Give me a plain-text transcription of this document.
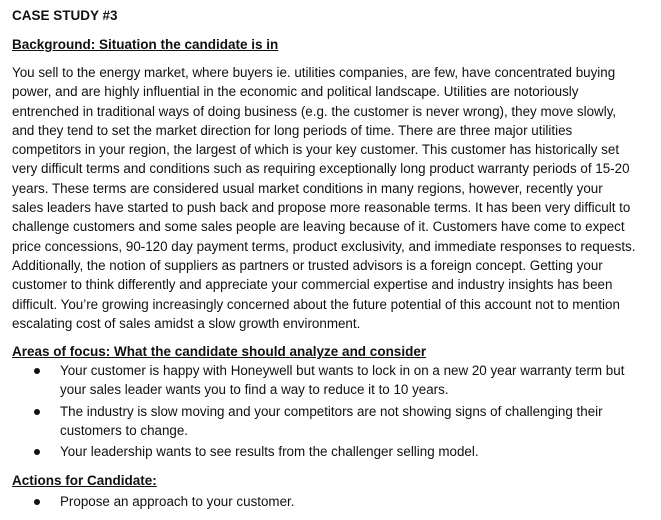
CASE STUDY #3
Background: Situation the candidate is in

You sell to the energy market, where buyers ie. utilities companies, are few, have concentrated buying power, and are highly influential in the economic and political landscape. Utilities are notoriously entrenched in traditional ways of doing business (e.g. the customer is never wrong), they move slowly, and they tend to set the market direction for long periods of time. There are three major utilities competitors in your region, the largest of which is your key customer. This customer has historically set very difficult terms and conditions such as requiring exceptionally long product warranty periods of 15-20 years. These terms are considered usual market conditions in many regions, however, recently your sales leaders have started to push back and propose more reasonable terms. It has been very difficult to challenge customers and some sales people are leaving because of it. Customers have come to expect price concessions, 90-120 day payment terms, product exclusivity, and immediate responses to requests. Additionally, the notion of suppliers as partners or trusted advisors is a foreign concept. Getting your customer to think differently and appreciate your commercial expertise and industry insights has been difficult. You’re growing increasingly concerned about the future potential of this account not to mention escalating cost of sales amidst a slow growth environment.

Areas of focus: What the candidate should analyze and consider
Your customer is happy with Honeywell but wants to lock in on a new 20 year warranty term but your sales leader wants you to find a way to reduce it to 10 years.
The industry is slow moving and your competitors are not showing signs of challenging their customers to change.
Your leadership wants to see results from the challenger selling model.
Actions for Candidate:
Propose an approach to your customer.
